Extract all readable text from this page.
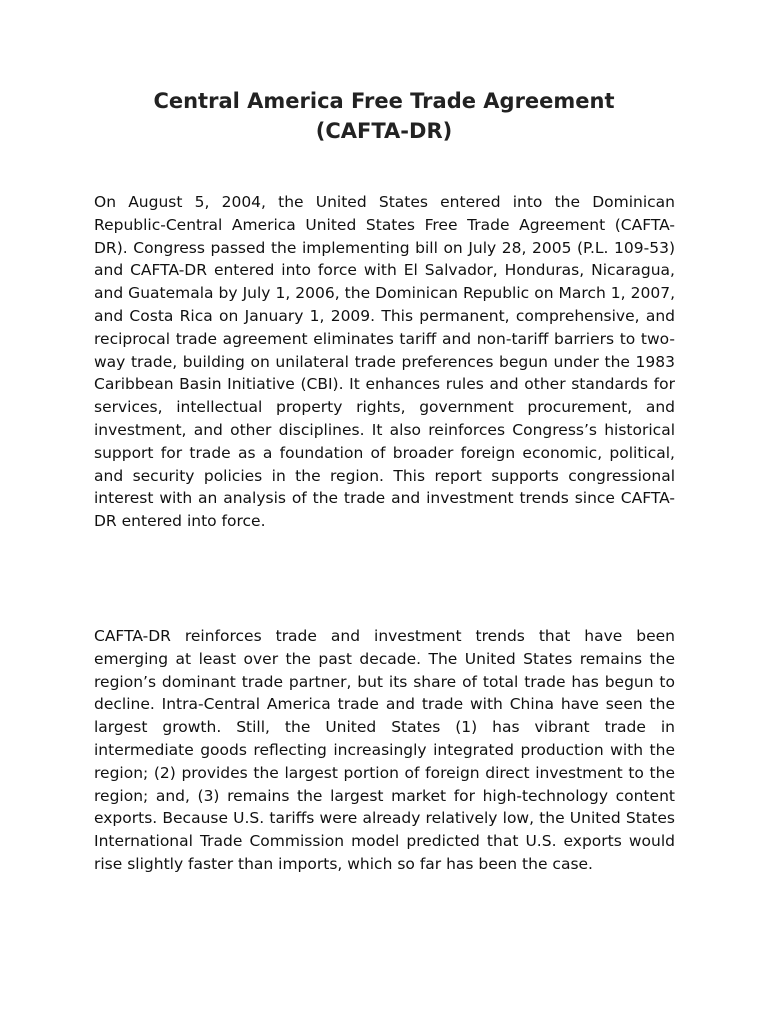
Central America Free Trade Agreement
(CAFTA-DR)

On August 5, 2004, the United States entered into the Dominican Republic-Central America United States Free Trade Agreement (CAFTA-DR). Congress passed the implementing bill on July 28, 2005 (P.L. 109-53) and CAFTA-DR entered into force with El Salvador, Honduras, Nicaragua, and Guatemala by July 1, 2006, the Dominican Republic on March 1, 2007, and Costa Rica on January 1, 2009. This permanent, comprehensive, and reciprocal trade agreement eliminates tariff and non-tariff barriers to two-way trade, building on unilateral trade preferences begun under the 1983 Caribbean Basin Initiative (CBI). It enhances rules and other standards for services, intellectual property rights, government procurement, and investment, and other disciplines. It also reinforces Congress’s historical support for trade as a foundation of broader foreign economic, political, and security policies in the region. This report supports congressional interest with an analysis of the trade and investment trends since CAFTA-DR entered into force.

CAFTA-DR reinforces trade and investment trends that have been emerging at least over the past decade. The United States remains the region’s dominant trade partner, but its share of total trade has begun to decline. Intra-Central America trade and trade with China have seen the largest growth. Still, the United States (1) has vibrant trade in intermediate goods reflecting increasingly integrated production with the region; (2) provides the largest portion of foreign direct investment to the region; and, (3) remains the largest market for high-technology content exports. Because U.S. tariffs were already relatively low, the United States International Trade Commission model predicted that U.S. exports would rise slightly faster than imports, which so far has been the case.
